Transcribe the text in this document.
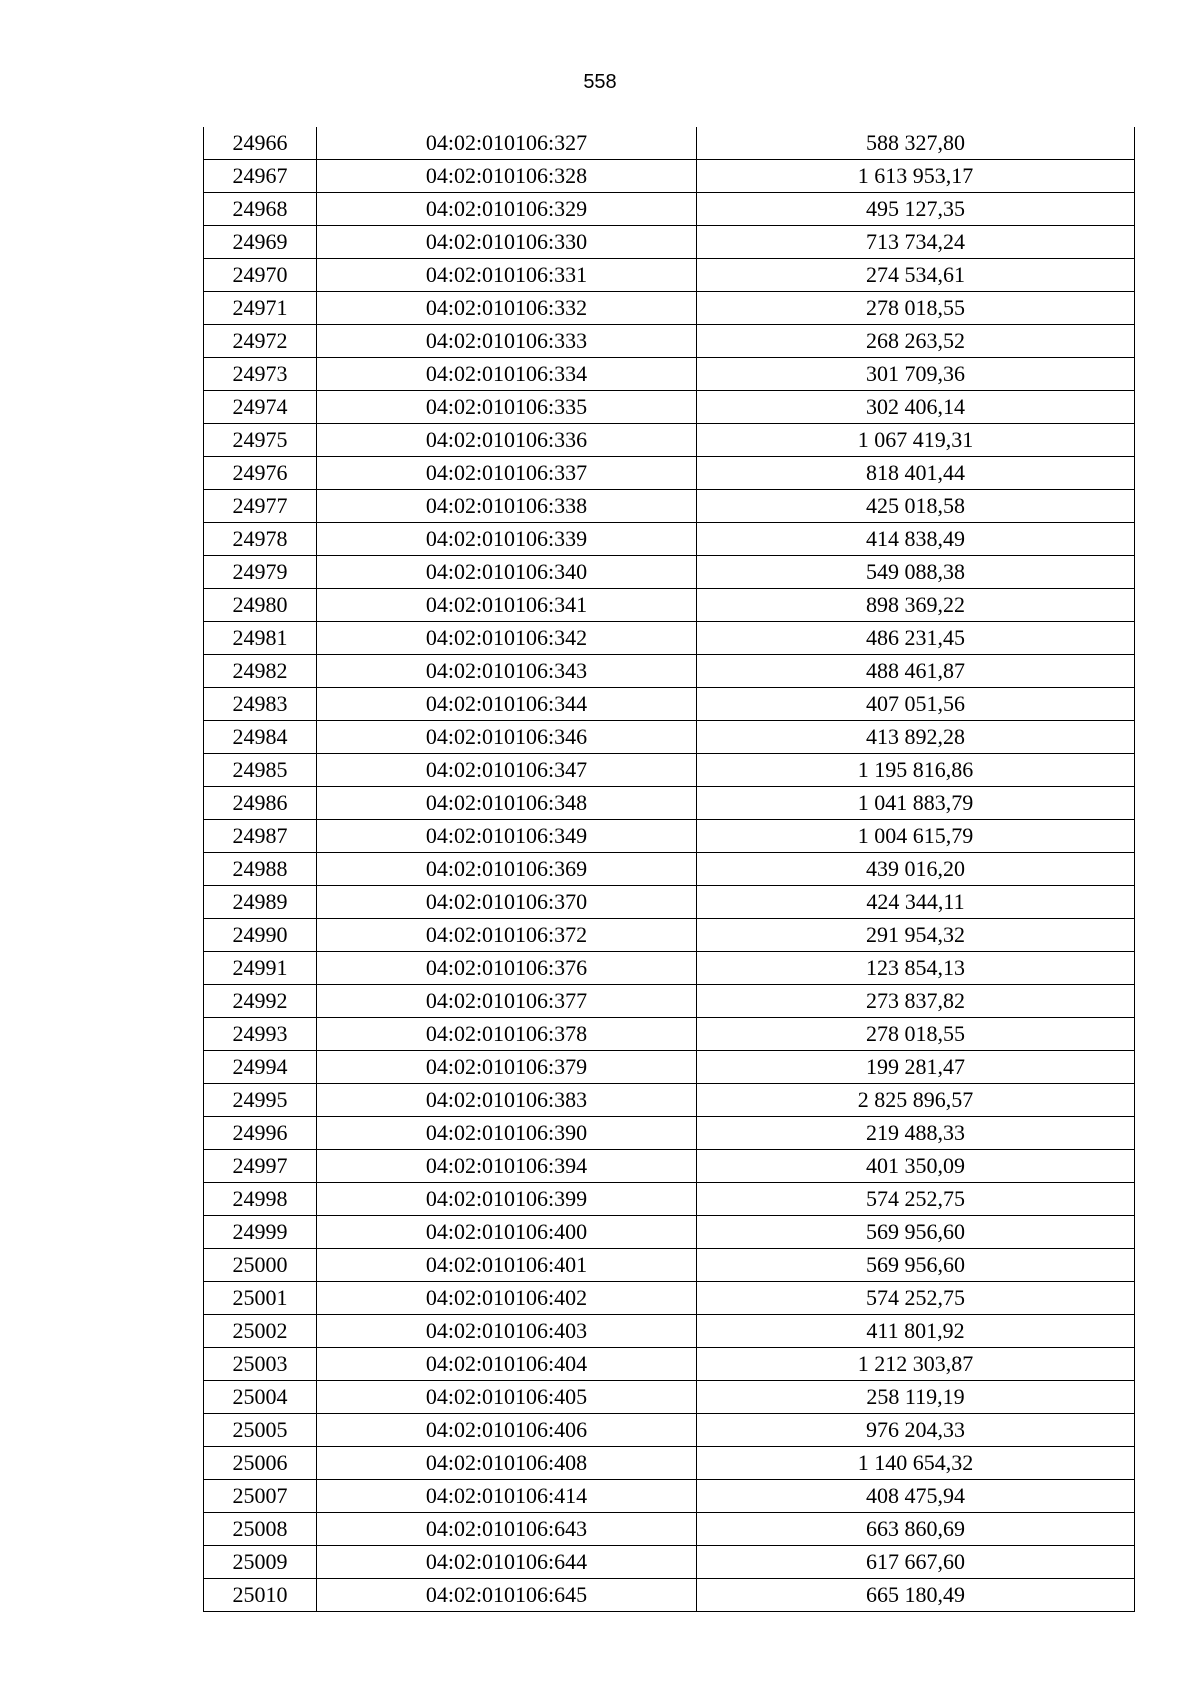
558
24966	04:02:010106:327	588 327,80
24967	04:02:010106:328	1 613 953,17
24968	04:02:010106:329	495 127,35
24969	04:02:010106:330	713 734,24
24970	04:02:010106:331	274 534,61
24971	04:02:010106:332	278 018,55
24972	04:02:010106:333	268 263,52
24973	04:02:010106:334	301 709,36
24974	04:02:010106:335	302 406,14
24975	04:02:010106:336	1 067 419,31
24976	04:02:010106:337	818 401,44
24977	04:02:010106:338	425 018,58
24978	04:02:010106:339	414 838,49
24979	04:02:010106:340	549 088,38
24980	04:02:010106:341	898 369,22
24981	04:02:010106:342	486 231,45
24982	04:02:010106:343	488 461,87
24983	04:02:010106:344	407 051,56
24984	04:02:010106:346	413 892,28
24985	04:02:010106:347	1 195 816,86
24986	04:02:010106:348	1 041 883,79
24987	04:02:010106:349	1 004 615,79
24988	04:02:010106:369	439 016,20
24989	04:02:010106:370	424 344,11
24990	04:02:010106:372	291 954,32
24991	04:02:010106:376	123 854,13
24992	04:02:010106:377	273 837,82
24993	04:02:010106:378	278 018,55
24994	04:02:010106:379	199 281,47
24995	04:02:010106:383	2 825 896,57
24996	04:02:010106:390	219 488,33
24997	04:02:010106:394	401 350,09
24998	04:02:010106:399	574 252,75
24999	04:02:010106:400	569 956,60
25000	04:02:010106:401	569 956,60
25001	04:02:010106:402	574 252,75
25002	04:02:010106:403	411 801,92
25003	04:02:010106:404	1 212 303,87
25004	04:02:010106:405	258 119,19
25005	04:02:010106:406	976 204,33
25006	04:02:010106:408	1 140 654,32
25007	04:02:010106:414	408 475,94
25008	04:02:010106:643	663 860,69
25009	04:02:010106:644	617 667,60
25010	04:02:010106:645	665 180,49
